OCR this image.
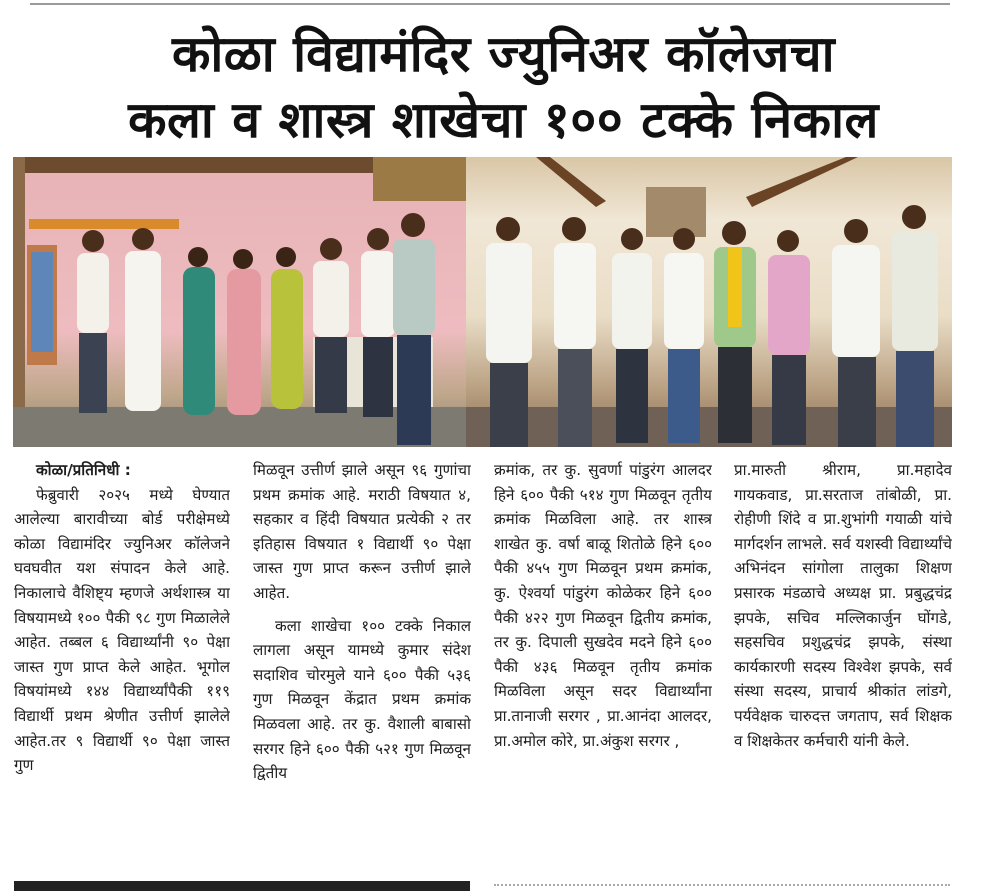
कोळा विद्यामंदिर ज्युनिअर कॉलेजचा
कला व शास्त्र शाखेचा १०० टक्के निकाल
कोळा/प्रतिनिधी :

फेब्रुवारी २०२५ मध्ये घेण्यात आलेल्या बारावीच्या बोर्ड परीक्षेमध्ये कोळा विद्यामंदिर ज्युनिअर कॉलेजने घवघवीत यश संपादन केले आहे. निकालाचे वैशिष्ट्य म्हणजे अर्थशास्त्र या विषयामध्ये १०० पैकी ९८ गुण मिळालेले आहेत. तब्बल ६ विद्यार्थ्यांनी ९० पेक्षा जास्त गुण प्राप्त केले आहेत. भूगोल विषयांमध्ये १४४ विद्यार्थ्यांपैकी ११९ विद्यार्थी प्रथम श्रेणीत उत्तीर्ण झालेले आहेत.तर ९ विद्यार्थी ९० पेक्षा जास्त गुण

मिळवून उत्तीर्ण झाले असून ९६ गुणांचा प्रथम क्रमांक आहे. मराठी विषयात ४, सहकार व हिंदी विषयात प्रत्येकी २ तर इतिहास विषयात १ विद्यार्थी ९० पेक्षा जास्त गुण प्राप्त करून उत्तीर्ण झाले आहेत.

कला शाखेचा १०० टक्के निकाल लागला असून यामध्ये कुमार संदेश सदाशिव चोरमुले याने ६०० पैकी ५३६ गुण मिळवून केंद्रात प्रथम क्रमांक मिळवला आहे. तर कु. वैशाली बाबासो सरगर हिने ६०० पैकी ५२१ गुण मिळवून द्वितीय

क्रमांक, तर कु. सुवर्णा पांडुरंग आलदर हिने ६०० पैकी ५१४ गुण मिळवून तृतीय क्रमांक मिळविला आहे. तर शास्त्र शाखेत कु. वर्षा बाळू शितोळे हिने ६०० पैकी ४५५ गुण मिळवून प्रथम क्रमांक, कु. ऐश्वर्या पांडुरंग कोळेकर हिने ६०० पैकी ४२२ गुण मिळवून द्वितीय क्रमांक, तर कु. दिपाली सुखदेव मदने हिने ६०० पैकी ४३६ मिळवून तृतीय क्रमांक मिळविला असून सदर विद्यार्थ्यांना प्रा.तानाजी सरगर , प्रा.आनंदा आलदर, प्रा.अमोल कोरे, प्रा.अंकुश सरगर ,

प्रा.मारुती श्रीराम, प्रा.महादेव गायकवाड, प्रा.सरताज तांबोळी, प्रा. रोहीणी शिंदे व प्रा.शुभांगी गयाळी यांचे मार्गदर्शन लाभले. सर्व यशस्वी विद्यार्थ्यांचे अभिनंदन सांगोला तालुका शिक्षण प्रसारक मंडळाचे अध्यक्ष प्रा. प्रबुद्धचंद्र झपके, सचिव मल्लिकार्जुन घोंगडे, सहसचिव प्रशुद्धचंद्र झपके, संस्था कार्यकारणी सदस्य विश्वेश झपके, सर्व संस्था सदस्य, प्राचार्य श्रीकांत लांडगे, पर्यवेक्षक चारुदत्त जगताप, सर्व शिक्षक व शिक्षकेतर कर्मचारी यांनी केले.
